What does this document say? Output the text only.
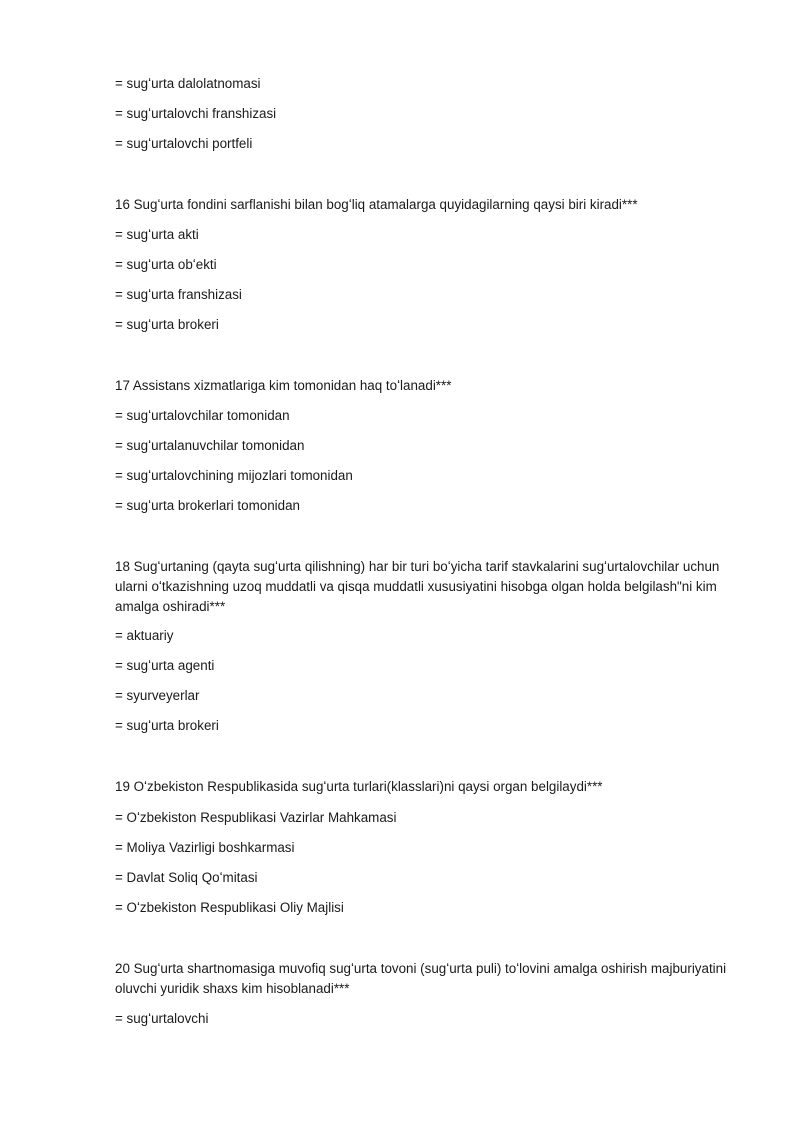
= sugʻurta dalolatnomasi
= sugʻurtalovchi franshizasi
= sugʻurtalovchi portfeli
16 Sugʻurta fondini sarflanishi bilan bogʻliq atamalarga quyidagilarning qaysi biri kiradi***
= sugʻurta akti
= sugʻurta obʻekti
= sugʻurta franshizasi
= sugʻurta brokeri
17 Assistans xizmatlariga kim tomonidan haq toʻlanadi***
= sugʻurtalovchilar tomonidan
= sugʻurtalanuvchilar tomonidan
= sugʻurtalovchining mijozlari tomonidan
= sugʻurta brokerlari tomonidan
18 Sugʻurtaning (qayta sugʻurta qilishning) har bir turi boʻyicha tarif stavkalarini sugʻurtalovchilar uchun ularni oʻtkazishning uzoq muddatli va qisqa muddatli xususiyatini hisobga olgan holda belgilash"ni kim amalga oshiradi***
= aktuariy
= sugʻurta agenti
= syurveyerlar
= sugʻurta brokeri
19 Oʻzbekiston Respublikasida sugʻurta turlari(klasslari)ni qaysi organ belgilaydi***
= Oʻzbekiston Respublikasi Vazirlar Mahkamasi
= Moliya Vazirligi boshkarmasi
= Davlat Soliq Qoʻmitasi
= Oʻzbekiston Respublikasi Oliy Majlisi
20 Sugʻurta shartnomasiga muvofiq sugʻurta tovoni (sugʻurta puli) toʻlovini amalga oshirish majburiyatini oluvchi yuridik shaxs kim hisoblanadi***
= sugʻurtalovchi
